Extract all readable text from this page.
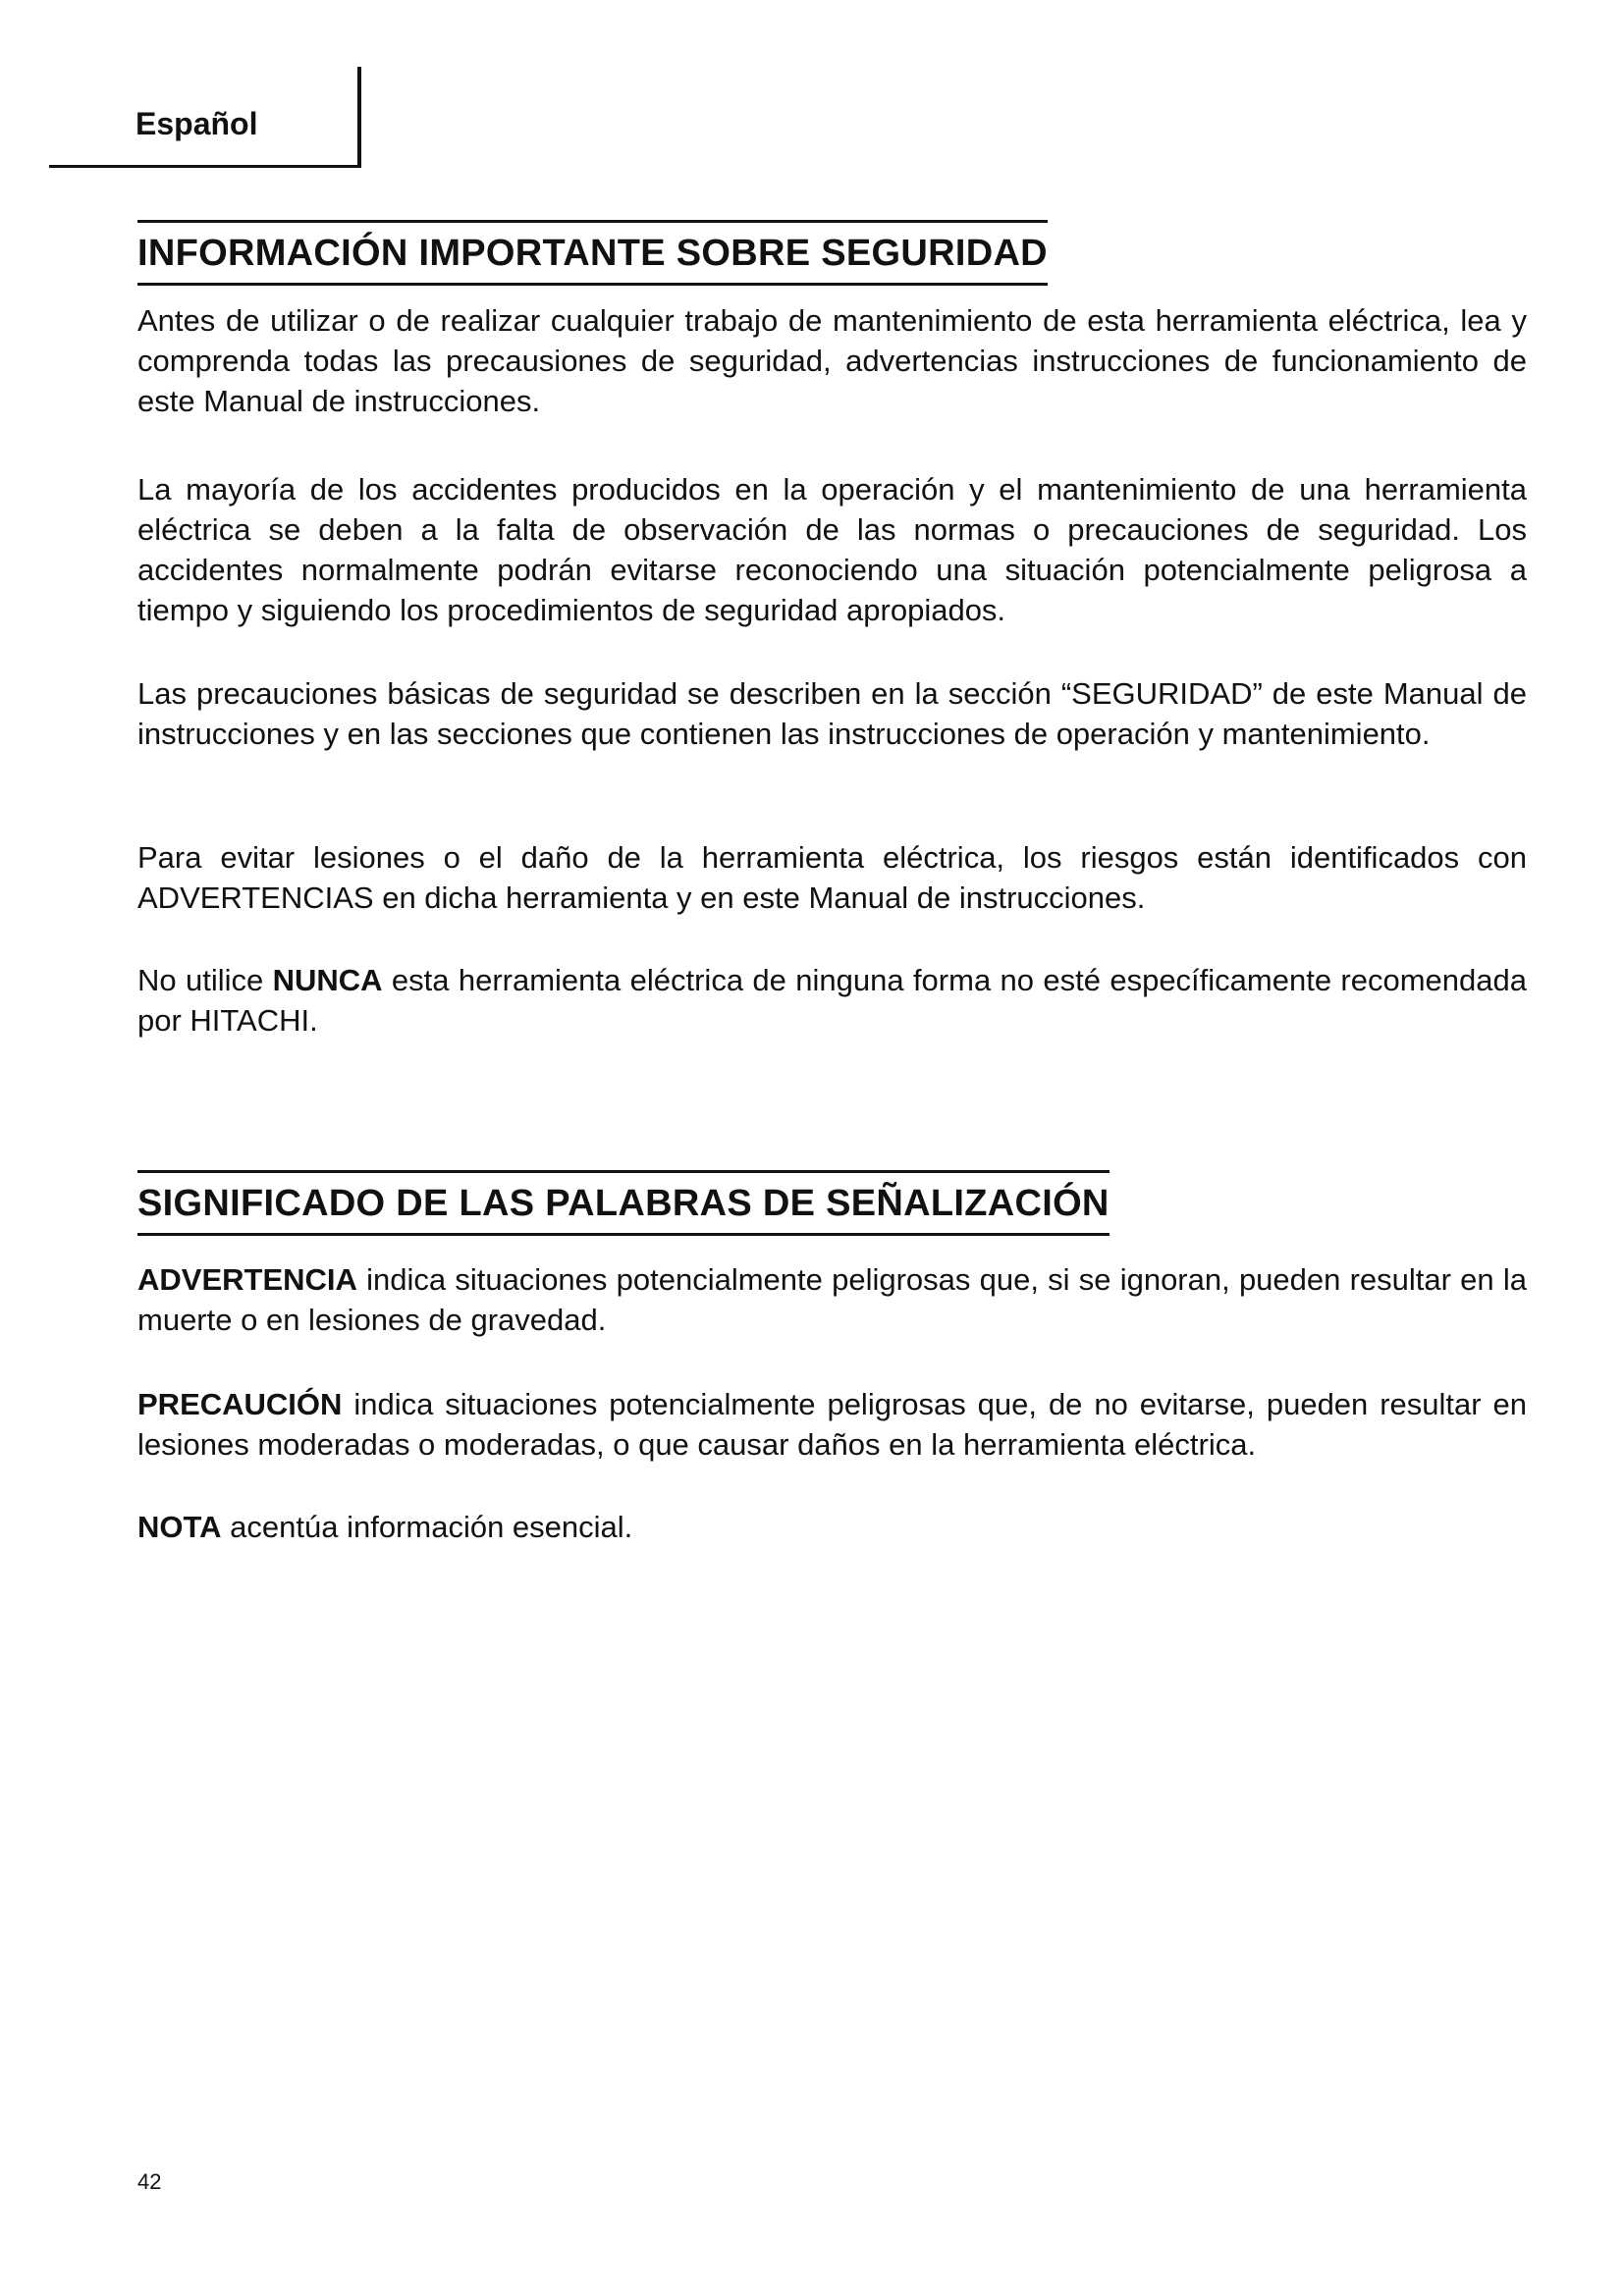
Español
INFORMACIÓN IMPORTANTE SOBRE SEGURIDAD

Antes de utilizar o de realizar cualquier trabajo de mantenimiento de esta herramienta eléctrica, lea y comprenda todas las precausiones de seguridad, advertencias instrucciones de funcionamiento de este Manual de instrucciones.

La mayoría de los accidentes producidos en la operación y el mantenimiento de una herramienta eléctrica se deben a la falta de observación de las normas o precauciones de seguridad. Los accidentes normalmente podrán evitarse reconociendo una situación potencialmente peligrosa a tiempo y siguiendo los procedimientos de seguridad apropiados.

Las precauciones básicas de seguridad se describen en la sección “SEGURIDAD” de este Manual de instrucciones y en las secciones que contienen las instrucciones de operación y mantenimiento.

Para evitar lesiones o el daño de la herramienta eléctrica, los riesgos están identificados con ADVERTENCIAS en dicha herramienta y en este Manual de instrucciones.

No utilice NUNCA esta herramienta eléctrica de ninguna forma no esté específicamente recomendada por HITACHI.

SIGNIFICADO DE LAS PALABRAS DE SEÑALIZACIÓN

ADVERTENCIA indica situaciones potencialmente peligrosas que, si se ignoran, pueden resultar en la muerte o en lesiones de gravedad.

PRECAUCIÓN indica situaciones potencialmente peligrosas que, de no evitarse, pueden resultar en lesiones moderadas o moderadas, o que causar daños en la herramienta eléctrica.

NOTA acentúa información esencial.

42
